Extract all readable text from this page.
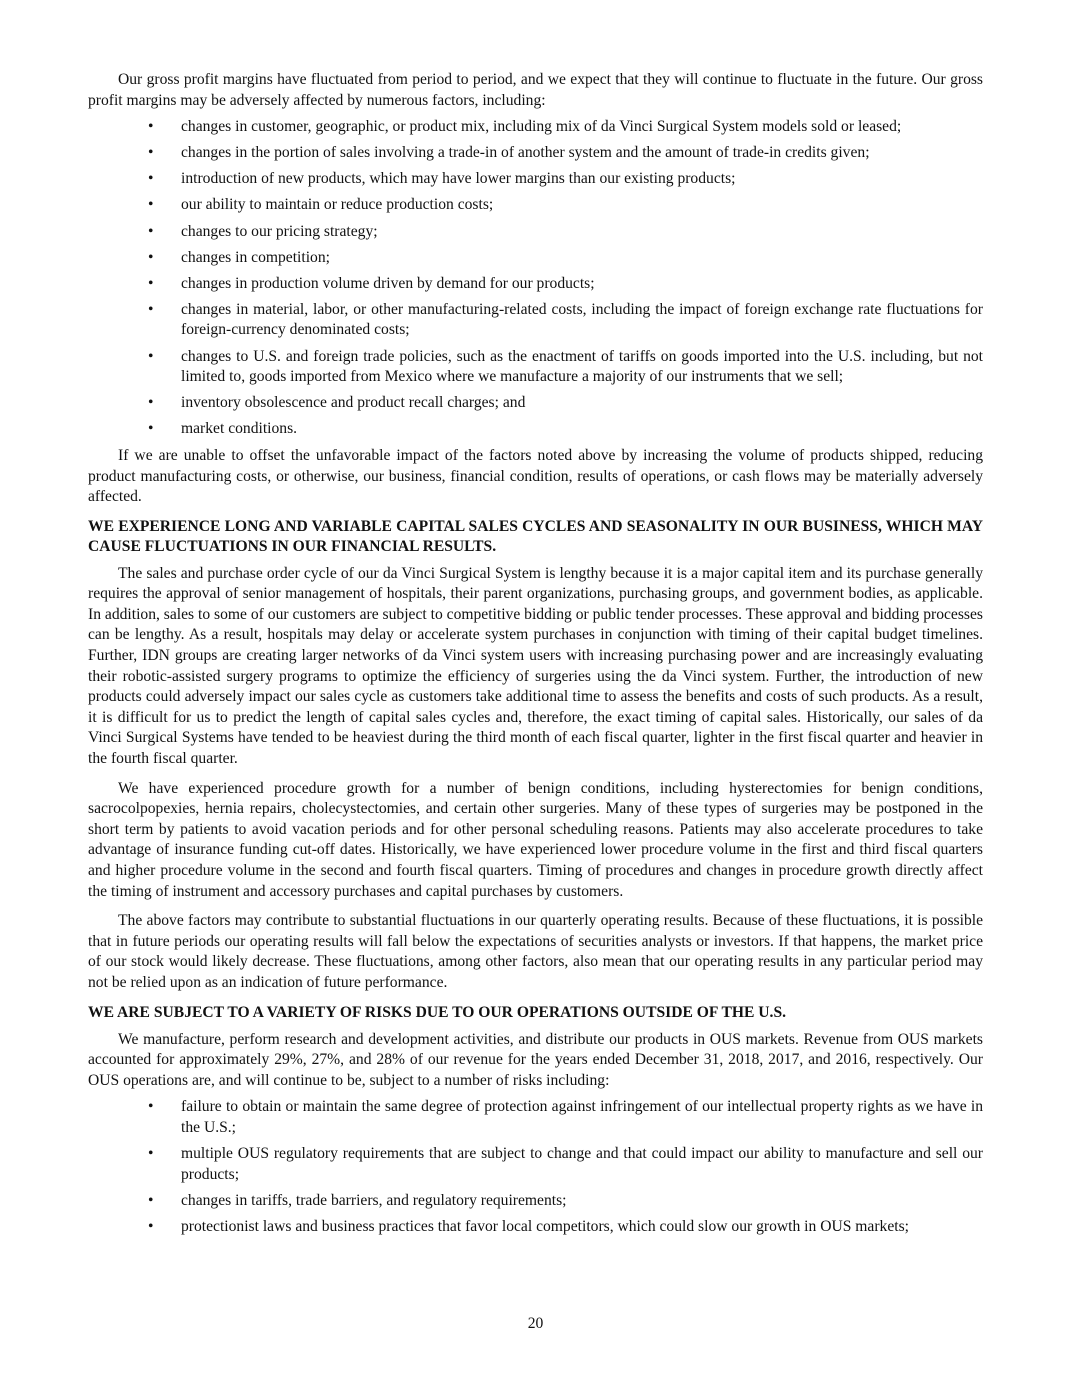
Our gross profit margins have fluctuated from period to period, and we expect that they will continue to fluctuate in the future. Our gross profit margins may be adversely affected by numerous factors, including:

• changes in customer, geographic, or product mix, including mix of da Vinci Surgical System models sold or leased;
• changes in the portion of sales involving a trade-in of another system and the amount of trade-in credits given;
• introduction of new products, which may have lower margins than our existing products;
• our ability to maintain or reduce production costs;
• changes to our pricing strategy;
• changes in competition;
• changes in production volume driven by demand for our products;
• changes in material, labor, or other manufacturing-related costs, including the impact of foreign exchange rate fluctuations for foreign-currency denominated costs;
• changes to U.S. and foreign trade policies, such as the enactment of tariffs on goods imported into the U.S. including, but not limited to, goods imported from Mexico where we manufacture a majority of our instruments that we sell;
• inventory obsolescence and product recall charges; and
• market conditions.

If we are unable to offset the unfavorable impact of the factors noted above by increasing the volume of products shipped, reducing product manufacturing costs, or otherwise, our business, financial condition, results of operations, or cash flows may be materially adversely affected.

WE EXPERIENCE LONG AND VARIABLE CAPITAL SALES CYCLES AND SEASONALITY IN OUR BUSINESS, WHICH MAY CAUSE FLUCTUATIONS IN OUR FINANCIAL RESULTS.

The sales and purchase order cycle of our da Vinci Surgical System is lengthy because it is a major capital item and its purchase generally requires the approval of senior management of hospitals, their parent organizations, purchasing groups, and government bodies, as applicable. In addition, sales to some of our customers are subject to competitive bidding or public tender processes. These approval and bidding processes can be lengthy. As a result, hospitals may delay or accelerate system purchases in conjunction with timing of their capital budget timelines. Further, IDN groups are creating larger networks of da Vinci system users with increasing purchasing power and are increasingly evaluating their robotic-assisted surgery programs to optimize the efficiency of surgeries using the da Vinci system. Further, the introduction of new products could adversely impact our sales cycle as customers take additional time to assess the benefits and costs of such products. As a result, it is difficult for us to predict the length of capital sales cycles and, therefore, the exact timing of capital sales. Historically, our sales of da Vinci Surgical Systems have tended to be heaviest during the third month of each fiscal quarter, lighter in the first fiscal quarter and heavier in the fourth fiscal quarter.

We have experienced procedure growth for a number of benign conditions, including hysterectomies for benign conditions, sacrocolpopexies, hernia repairs, cholecystectomies, and certain other surgeries. Many of these types of surgeries may be postponed in the short term by patients to avoid vacation periods and for other personal scheduling reasons. Patients may also accelerate procedures to take advantage of insurance funding cut-off dates. Historically, we have experienced lower procedure volume in the first and third fiscal quarters and higher procedure volume in the second and fourth fiscal quarters. Timing of procedures and changes in procedure growth directly affect the timing of instrument and accessory purchases and capital purchases by customers.

The above factors may contribute to substantial fluctuations in our quarterly operating results. Because of these fluctuations, it is possible that in future periods our operating results will fall below the expectations of securities analysts or investors. If that happens, the market price of our stock would likely decrease. These fluctuations, among other factors, also mean that our operating results in any particular period may not be relied upon as an indication of future performance.

WE ARE SUBJECT TO A VARIETY OF RISKS DUE TO OUR OPERATIONS OUTSIDE OF THE U.S.

We manufacture, perform research and development activities, and distribute our products in OUS markets. Revenue from OUS markets accounted for approximately 29%, 27%, and 28% of our revenue for the years ended December 31, 2018, 2017, and 2016, respectively. Our OUS operations are, and will continue to be, subject to a number of risks including:

• failure to obtain or maintain the same degree of protection against infringement of our intellectual property rights as we have in the U.S.;
• multiple OUS regulatory requirements that are subject to change and that could impact our ability to manufacture and sell our products;
• changes in tariffs, trade barriers, and regulatory requirements;
• protectionist laws and business practices that favor local competitors, which could slow our growth in OUS markets;
20
